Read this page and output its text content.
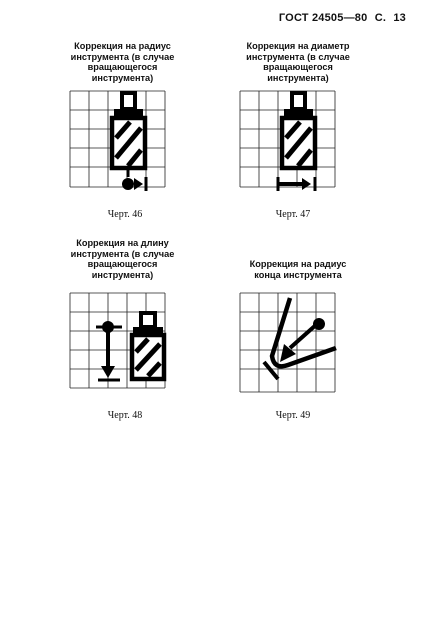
ГОСТ 24505—80 С. 13
Коррекция на радиус
инструмента (в случае
вращающегося
инструмента)
Черт. 46
Коррекция на диаметр
инструмента (в случае
вращающегося
инструмента)
Черт. 47
Коррекция на длину
инструмента (в случае
вращающегося
инструмента)
Черт. 48
Коррекция на радиус
конца инструмента
Черт. 49
